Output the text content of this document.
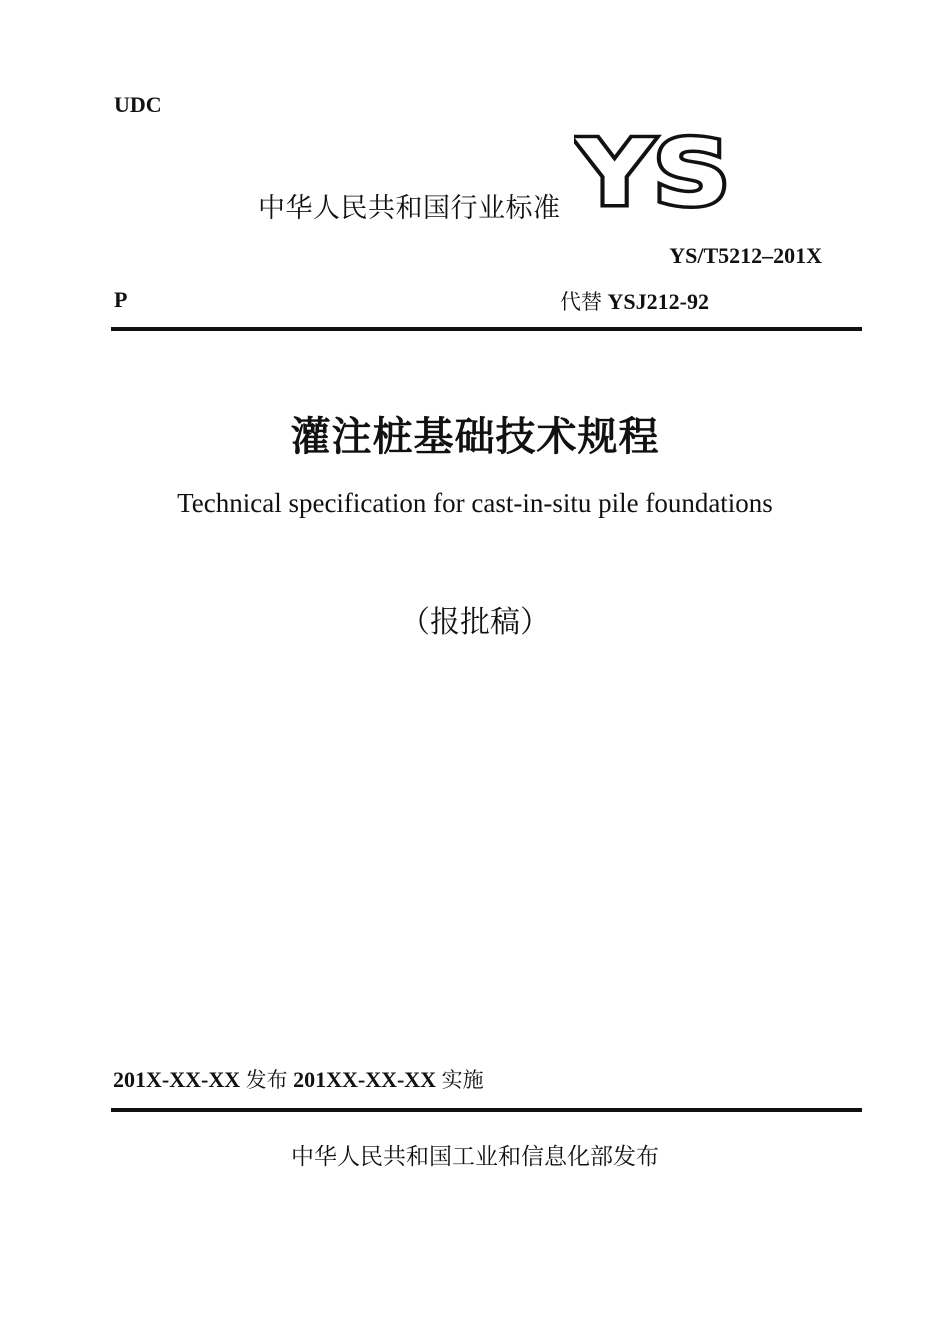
UDC
中华人民共和国行业标准 YS
YS/T5212–201X
P	代替 YSJ212-92
灌注桩基础技术规程
Technical specification for cast-in-situ pile foundations
（报批稿）
201X-XX-XX 发布 201XX-XX-XX 实施
中华人民共和国工业和信息化部发布
